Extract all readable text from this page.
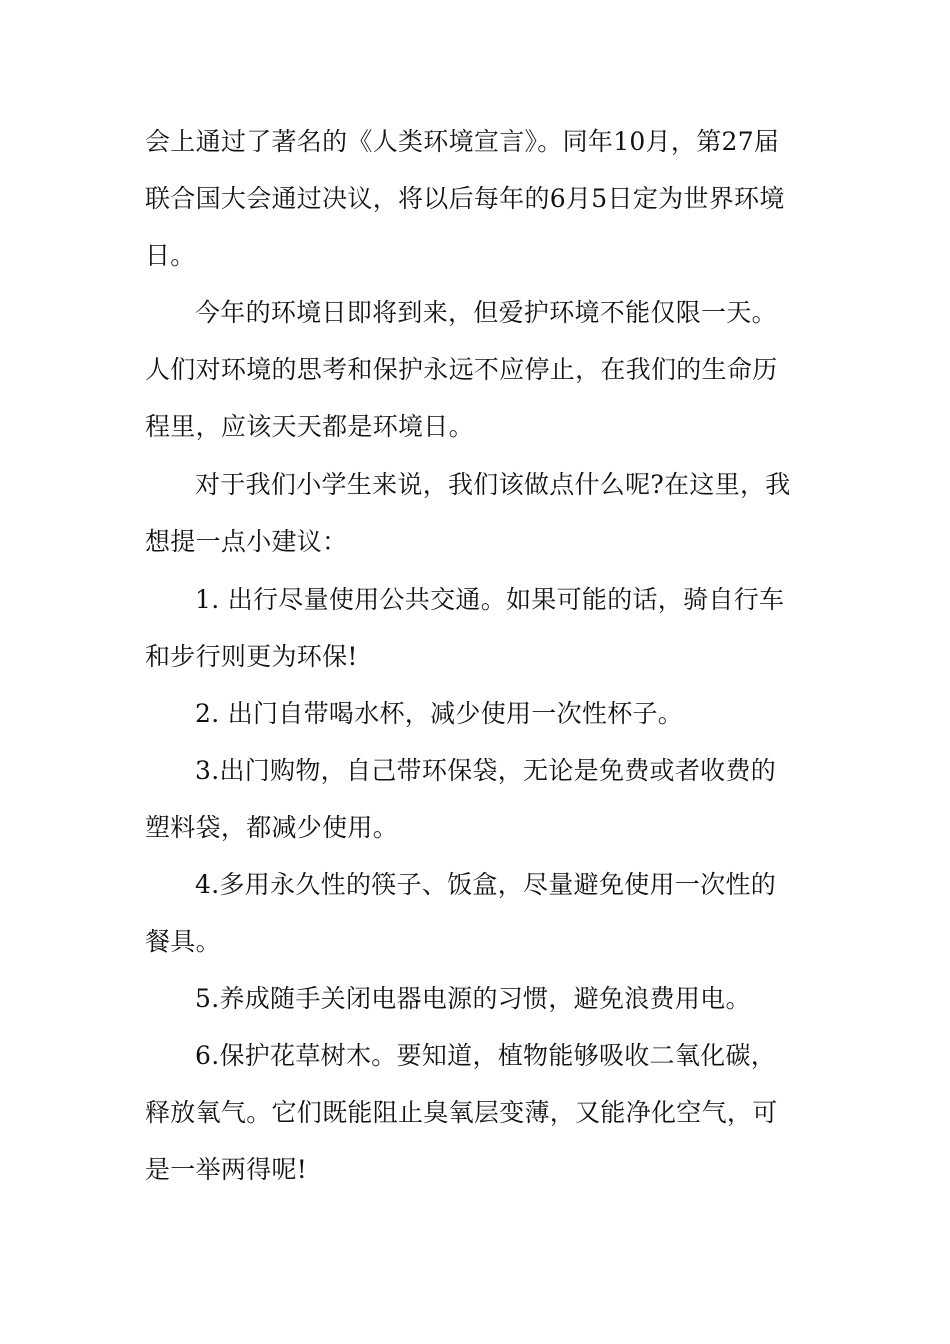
会上通过了著名的《人类环境宣言》。同年10月，第27届
联合国大会通过决议，将以后每年的6月5日定为世界环境
日。
今年的环境日即将到来，但爱护环境不能仅限一天。
人们对环境的思考和保护永远不应停止，在我们的生命历
程里，应该天天都是环境日。
对于我们小学生来说，我们该做点什么呢?在这里，我
想提一点小建议：
1. 出行尽量使用公共交通。如果可能的话，骑自行车
和步行则更为环保!
2. 出门自带喝水杯，减少使用一次性杯子。
3.出门购物，自己带环保袋，无论是免费或者收费的
塑料袋，都减少使用。
4.多用永久性的筷子、饭盒，尽量避免使用一次性的
餐具。
5.养成随手关闭电器电源的习惯，避免浪费用电。
6.保护花草树木。要知道，植物能够吸收二氧化碳，
释放氧气。它们既能阻止臭氧层变薄，又能净化空气，可
是一举两得呢!
